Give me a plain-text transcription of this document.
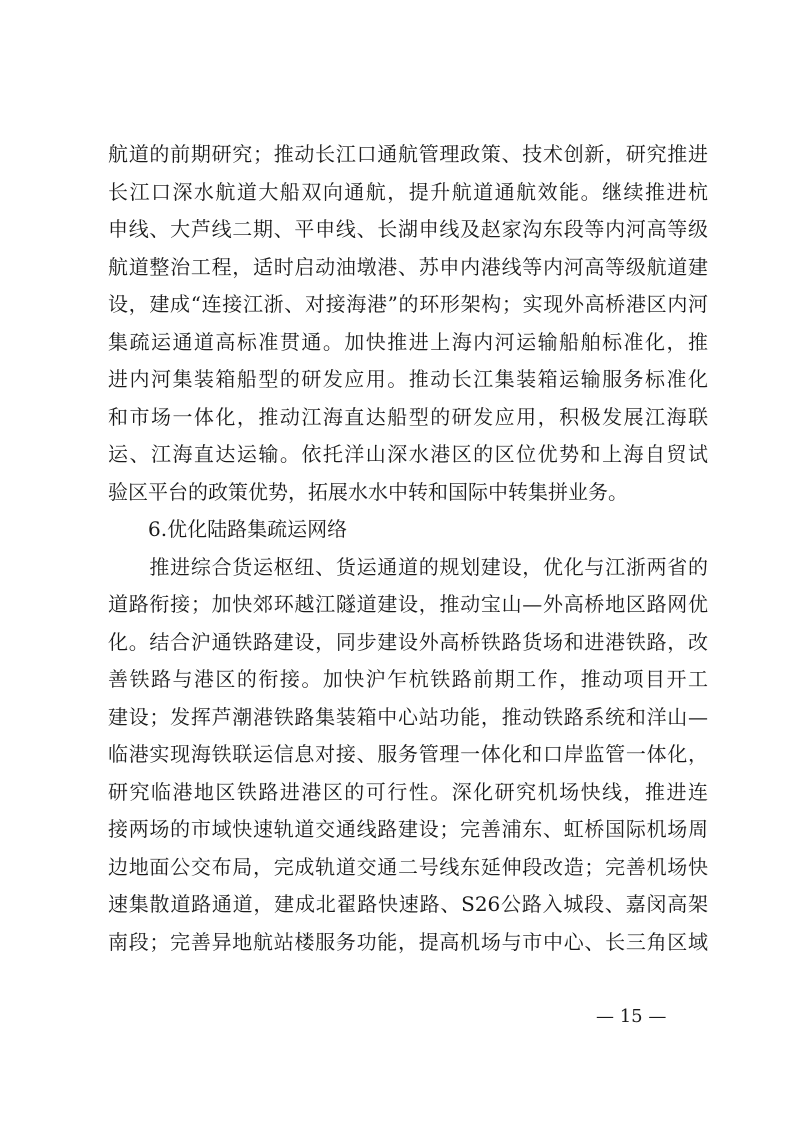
航道的前期研究；推动长江口通航管理政策、技术创新，研究推进
长江口深水航道大船双向通航，提升航道通航效能。继续推进杭
申线、大芦线二期、平申线、长湖申线及赵家沟东段等内河高等级
航道整治工程，适时启动油墩港、苏申内港线等内河高等级航道建
设，建成“连接江浙、对接海港”的环形架构；实现外高桥港区内河
集疏运通道高标准贯通。加快推进上海内河运输船舶标准化，推
进内河集装箱船型的研发应用。推动长江集装箱运输服务标准化
和市场一体化，推动江海直达船型的研发应用，积极发展江海联
运、江海直达运输。依托洋山深水港区的区位优势和上海自贸试
验区平台的政策优势，拓展水水中转和国际中转集拼业务。
　　6.优化陆路集疏运网络
　　推进综合货运枢纽、货运通道的规划建设，优化与江浙两省的
道路衔接；加快郊环越江隧道建设，推动宝山—外高桥地区路网优
化。结合沪通铁路建设，同步建设外高桥铁路货场和进港铁路，改
善铁路与港区的衔接。加快沪乍杭铁路前期工作，推动项目开工
建设；发挥芦潮港铁路集装箱中心站功能，推动铁路系统和洋山—
临港实现海铁联运信息对接、服务管理一体化和口岸监管一体化，
研究临港地区铁路进港区的可行性。深化研究机场快线，推进连
接两场的市域快速轨道交通线路建设；完善浦东、虹桥国际机场周
边地面公交布局，完成轨道交通二号线东延伸段改造；完善机场快
速集散道路通道，建成北翟路快速路、S26公路入城段、嘉闵高架
南段；完善异地航站楼服务功能，提高机场与市中心、长三角区域
— 15 —
